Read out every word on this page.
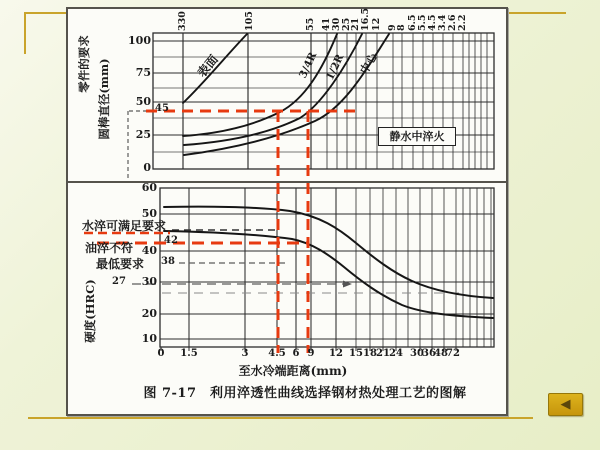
零件的要求 圆棒直径(mm)
100
75
50
25
0
45
330	105	55 41 30 25
21 16.5 12 9
8 6.5 5.5 4.5 3.4 2.6 2.2
表面	3/4R 1/2R 中心
静水中淬火
硬度(HRC)
60
50
40
30
20
10
42
38
27
水淬可满足要求
油淬不符
最低要求
0	1.5	3	4.5 6 9	12 15 18 21 24 30
36
48
72
至水冷端距离(mm)
图 7-17　利用淬透性曲线选择钢材热处理工艺的图解
◀
